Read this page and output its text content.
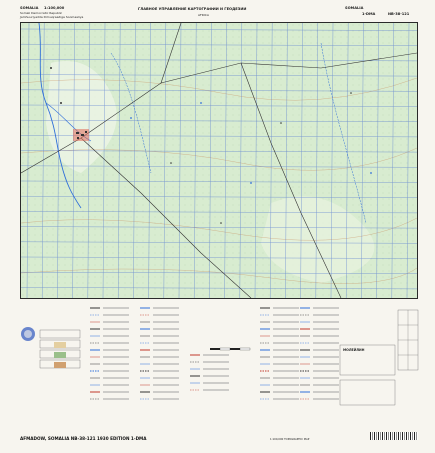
SOMALIA 1:100,000
Somali Democratic Republic
Jamhuuriyadda Dimuqraadiga Soomaaliya
ГЛАВНОЕ УПРАВЛЕНИЕ КАРТОГРАФИИ И ГЕОДЕЗИИ
AFRICA
SOMALIA
1-DMA	NB-38-121
МОЛЕЙЛИН
AFMADOW, SOMALIA NB-38-121 1930 EDITION 1-DMA	1:100,000 TOPOGRAPHIC MAP
